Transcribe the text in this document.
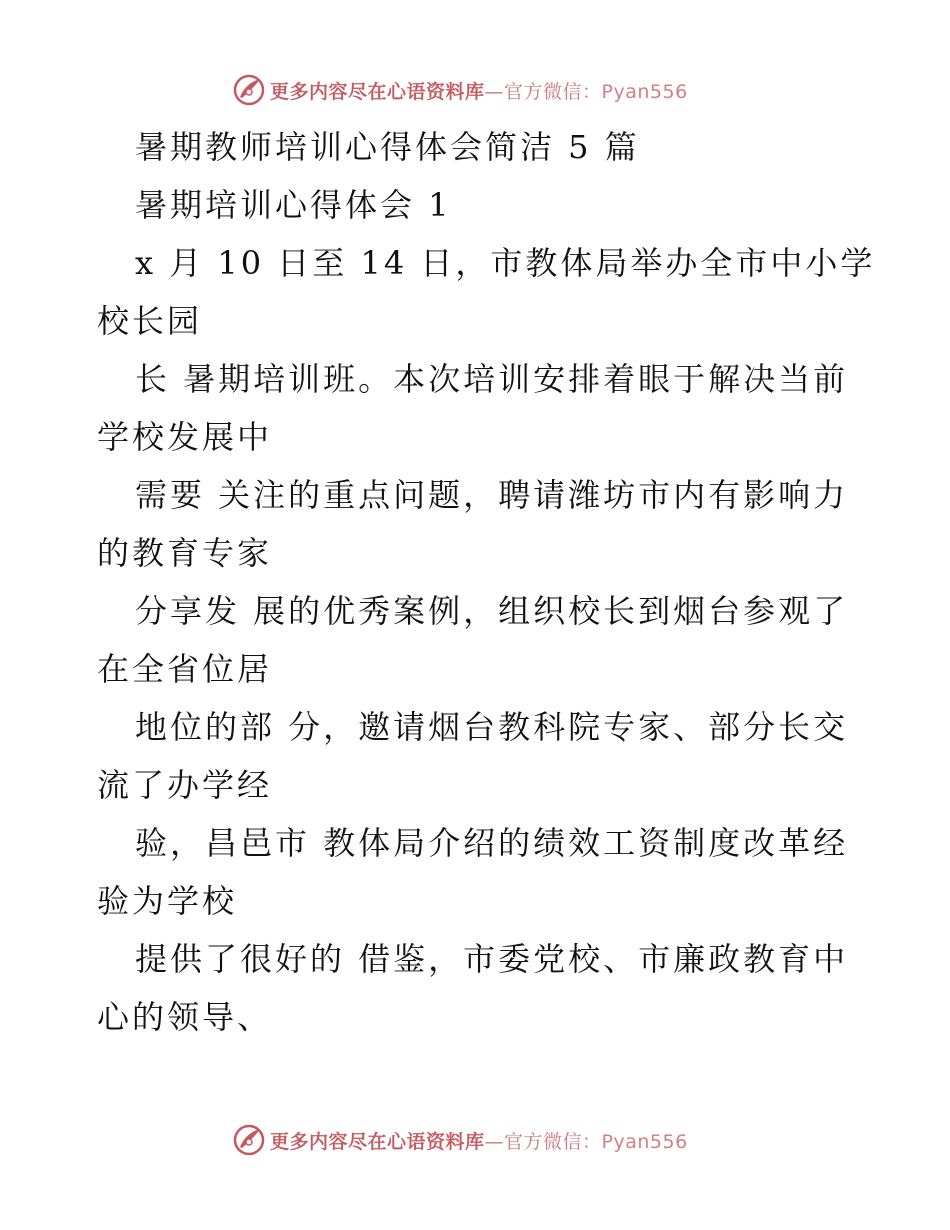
更多内容尽在心语资料库—官方微信：Pyan556
暑期教师培训心得体会简洁 5 篇
暑期培训心得体会 1
x 月 10 日至 14 日，市教体局举办全市中小学
校长园
长 暑期培训班。本次培训安排着眼于解决当前
学校发展中
需要 关注的重点问题，聘请潍坊市内有影响力
的教育专家
分享发 展的优秀案例，组织校长到烟台参观了
在全省位居
地位的部 分，邀请烟台教科院专家、部分长交
流了办学经
验，昌邑市 教体局介绍的绩效工资制度改革经
验为学校
提供了很好的 借鉴，市委党校、市廉政教育中
心的领导、
更多内容尽在心语资料库—官方微信：Pyan556
